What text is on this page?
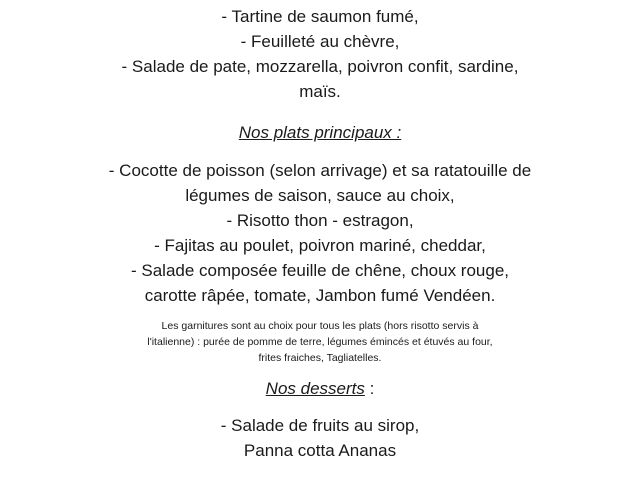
- Tartine de saumon fumé,

- Feuilleté au chèvre,

- Salade de pate, mozzarella, poivron confit, sardine,

maïs.

Nos plats principaux :

- Cocotte de poisson (selon arrivage) et sa ratatouille de

légumes de saison, sauce au choix,

- Risotto thon - estragon,

- Fajitas au poulet, poivron mariné, cheddar,

- Salade composée feuille de chêne, choux rouge,

carotte râpée, tomate, Jambon fumé Vendéen.

Les garnitures sont au choix pour tous les plats (hors risotto servis à

l'italienne) : purée de pomme de terre, légumes émincés et étuvés au four,

frites fraiches, Tagliatelles.

Nos desserts :

- Salade de fruits au sirop,

Panna cotta Ananas
